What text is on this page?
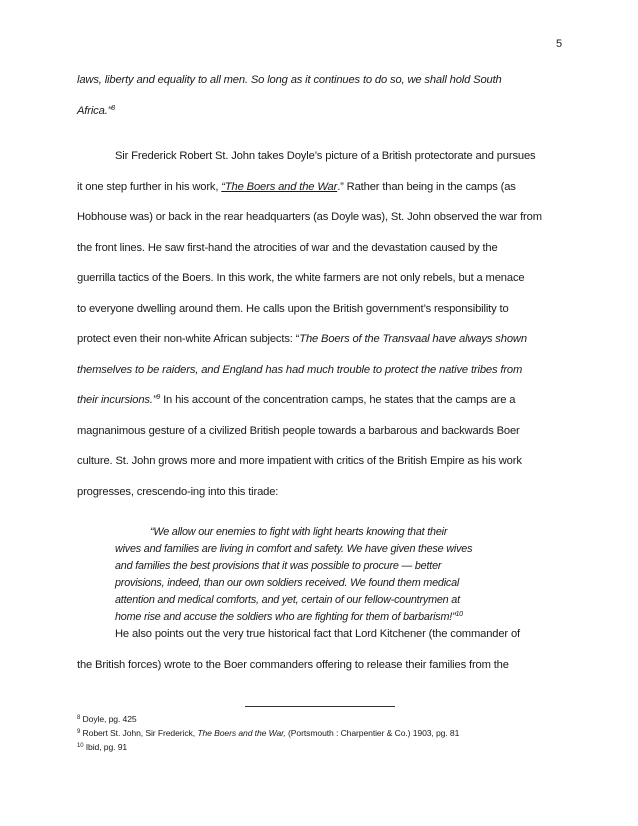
5
laws, liberty and equality to all men. So long as it continues to do so, we shall hold South
Africa.”$^8$
Sir Frederick Robert St. John takes Doyle’s picture of a British protectorate and pursues
it one step further in his work, “The Boers and the War.” Rather than being in the camps (as
Hobhouse was) or back in the rear headquarters (as Doyle was), St. John observed the war from
the front lines. He saw first-hand the atrocities of war and the devastation caused by the
guerrilla tactics of the Boers. In this work, the white farmers are not only rebels, but a menace
to everyone dwelling around them. He calls upon the British government’s responsibility to
protect even their non-white African subjects: “The Boers of the Transvaal have always shown
themselves to be raiders, and England has had much trouble to protect the native tribes from
their incursions.”$^9$ In his account of the concentration camps, he states that the camps are a
magnanimous gesture of a civilized British people towards a barbarous and backwards Boer
culture. St. John grows more and more impatient with critics of the British Empire as his work
progresses, crescendo-ing into this tirade:
“We allow our enemies to fight with light hearts knowing that their
wives and families are living in comfort and safety. We have given these wives
and families the best provisions that it was possible to procure — better
provisions, indeed, than our own soldiers received. We found them medical
attention and medical comforts, and yet, certain of our fellow-countrymen at
home rise and accuse the soldiers who are fighting for them of barbarism!”$^{10}$
He also points out the very true historical fact that Lord Kitchener (the commander of
the British forces) wrote to the Boer commanders offering to release their families from the
$^8$ Doyle, pg. 425
$^9$ Robert St. John, Sir Frederick, The Boers and the War, (Portsmouth : Charpentier & Co.) 1903, pg. 81
$^{10}$ Ibid, pg. 91
